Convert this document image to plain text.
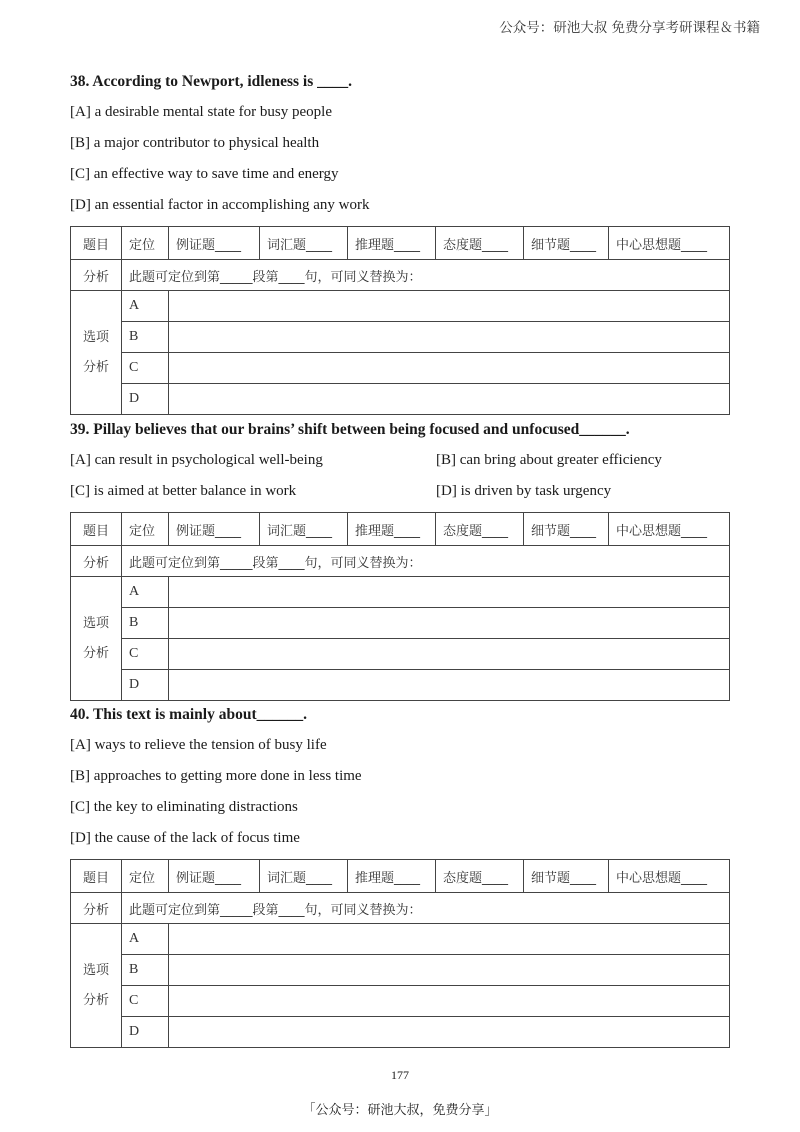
公众号：研池大叔 免费分享考研课程＆书籍
38. According to Newport, idleness is ____.
[A] a desirable mental state for busy people
[B] a major contributor to physical health
[C] an effective way to save time and energy
[D] an essential factor in accomplishing any work
题目	定位	例证题____	词汇题____	推理题____	态度题____	细节题____	中心思想题____
分析	此题可定位到第_____段第____句，可同义替换为：						

选项
分析	A						
	B						
	C						
	D						
39. Pillay believes that our brains’ shift between being focused and unfocused______.
[A] can result in psychological well-being	[B] can bring about greater efficiency
[C] is aimed at better balance in work	[D] is driven by task urgency
题目	定位	例证题____	词汇题____	推理题____	态度题____	细节题____	中心思想题____
分析	此题可定位到第_____段第____句，可同义替换为：						

选项
分析	A						
	B						
	C						
	D						
40. This text is mainly about______.
[A] ways to relieve the tension of busy life
[B] approaches to getting more done in less time
[C] the key to eliminating distractions
[D] the cause of the lack of focus time
题目	定位	例证题____	词汇题____	推理题____	态度题____	细节题____	中心思想题____
分析	此题可定位到第_____段第____句，可同义替换为：						

选项
分析	A						
	B						
	C						
	D						
177
「公众号：研池大叔，免费分享」
